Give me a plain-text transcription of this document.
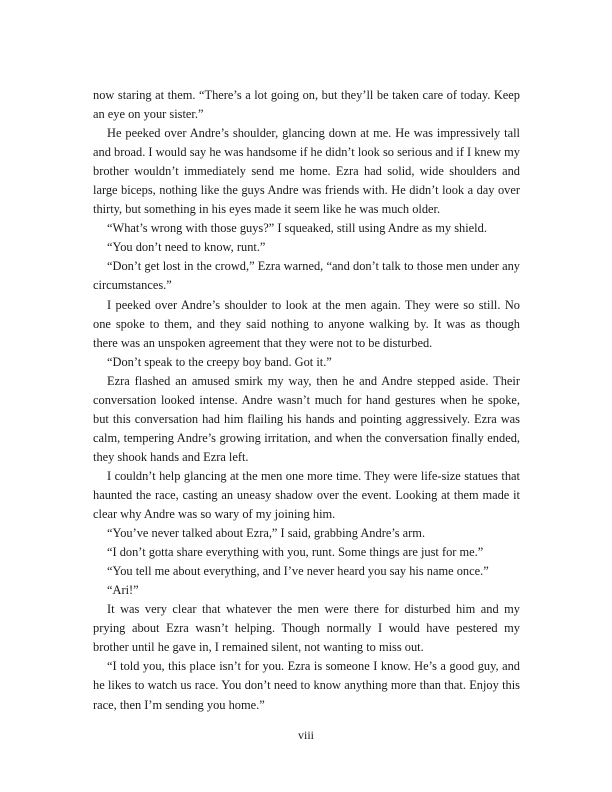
now staring at them. “There’s a lot going on, but they’ll be taken care of today. Keep an eye on your sister.”

He peeked over Andre’s shoulder, glancing down at me. He was impressively tall and broad. I would say he was handsome if he didn’t look so serious and if I knew my brother wouldn’t immediately send me home. Ezra had solid, wide shoulders and large biceps, nothing like the guys Andre was friends with. He didn’t look a day over thirty, but something in his eyes made it seem like he was much older.

“What’s wrong with those guys?” I squeaked, still using Andre as my shield.

“You don’t need to know, runt.”

“Don’t get lost in the crowd,” Ezra warned, “and don’t talk to those men under any circumstances.”

I peeked over Andre’s shoulder to look at the men again. They were so still. No one spoke to them, and they said nothing to anyone walking by. It was as though there was an unspoken agreement that they were not to be disturbed.

“Don’t speak to the creepy boy band. Got it.”

Ezra flashed an amused smirk my way, then he and Andre stepped aside. Their conversation looked intense. Andre wasn’t much for hand gestures when he spoke, but this conversation had him flailing his hands and pointing aggressively. Ezra was calm, tempering Andre’s growing irritation, and when the conversation finally ended, they shook hands and Ezra left.

I couldn’t help glancing at the men one more time. They were life-size statues that haunted the race, casting an uneasy shadow over the event. Looking at them made it clear why Andre was so wary of my joining him.

“You’ve never talked about Ezra,” I said, grabbing Andre’s arm.

“I don’t gotta share everything with you, runt. Some things are just for me.”

“You tell me about everything, and I’ve never heard you say his name once.”

“Ari!”

It was very clear that whatever the men were there for disturbed him and my prying about Ezra wasn’t helping. Though normally I would have pestered my brother until he gave in, I remained silent, not wanting to miss out.

“I told you, this place isn’t for you. Ezra is someone I know. He’s a good guy, and he likes to watch us race. You don’t need to know anything more than that. Enjoy this race, then I’m sending you home.”

viii
